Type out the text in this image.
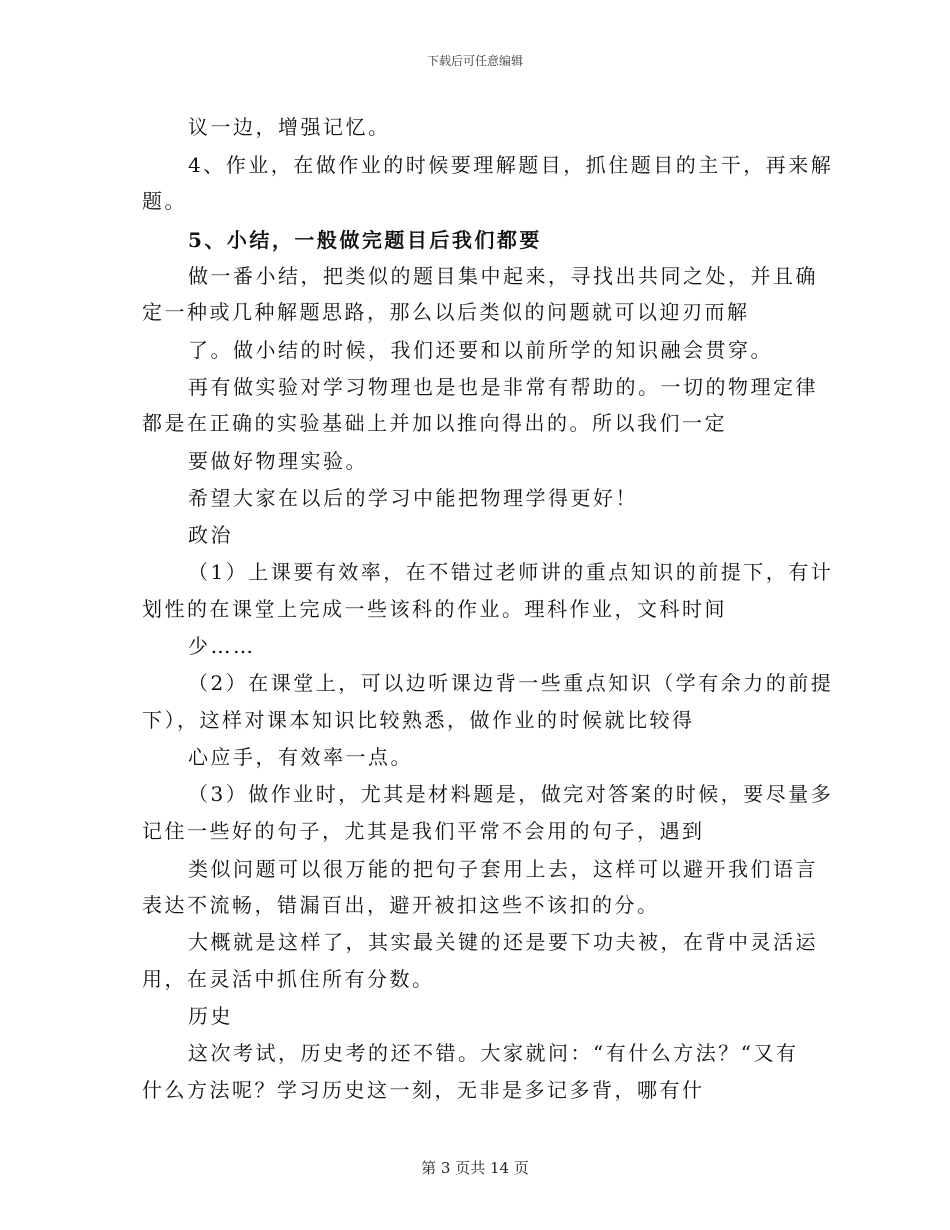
下载后可任意编辑
议一边，增强记忆。
4、作业，在做作业的时候要理解题目，抓住题目的主干，再来解
题。
5、小结，一般做完题目后我们都要
做一番小结，把类似的题目集中起来，寻找出共同之处，并且确
定一种或几种解题思路，那么以后类似的问题就可以迎刃而解
了。做小结的时候，我们还要和以前所学的知识融会贯穿。
再有做实验对学习物理也是也是非常有帮助的。一切的物理定律
都是在正确的实验基础上并加以推向得出的。所以我们一定
要做好物理实验。
希望大家在以后的学习中能把物理学得更好！
政治
（1）上课要有效率，在不错过老师讲的重点知识的前提下，有计
划性的在课堂上完成一些该科的作业。理科作业，文科时间
少……
（2）在课堂上，可以边听课边背一些重点知识（学有余力的前提
下），这样对课本知识比较熟悉，做作业的时候就比较得
心应手，有效率一点。
（3）做作业时，尤其是材料题是，做完对答案的时候，要尽量多
记住一些好的句子，尤其是我们平常不会用的句子，遇到
类似问题可以很万能的把句子套用上去，这样可以避开我们语言
表达不流畅，错漏百出，避开被扣这些不该扣的分。
大概就是这样了，其实最关键的还是要下功夫被，在背中灵活运
用，在灵活中抓住所有分数。
历史
这次考试，历史考的还不错。大家就问：“有什么方法？“又有
什么方法呢？学习历史这一刻，无非是多记多背，哪有什
第 3 页共 14 页
